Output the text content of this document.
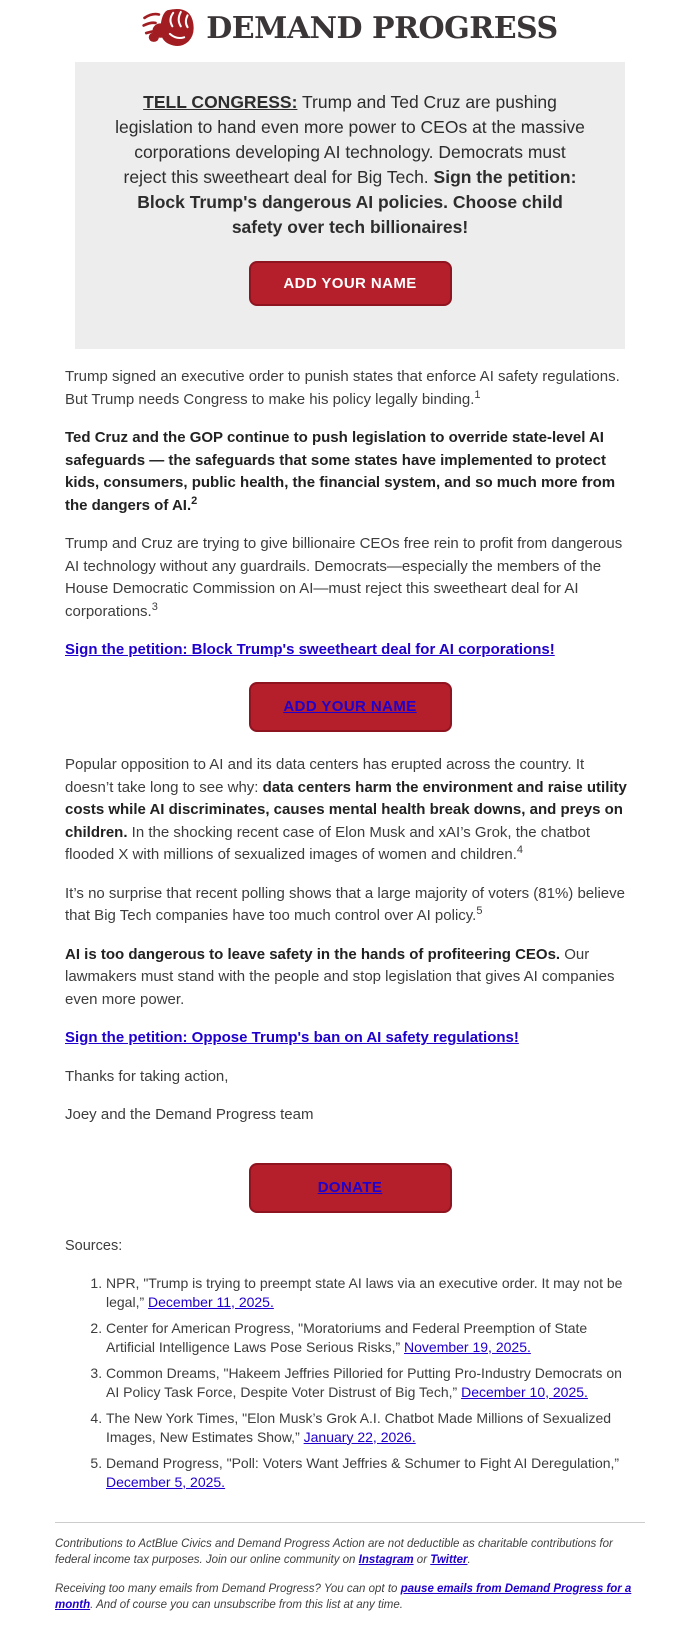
DEMAND PROGRESS
TELL CONGRESS: Trump and Ted Cruz are pushing legislation to hand even more power to CEOs at the massive corporations developing AI technology. Democrats must reject this sweetheart deal for Big Tech. Sign the petition: Block Trump's dangerous AI policies. Choose child safety over tech billionaires!
ADD YOUR NAME

Trump signed an executive order to punish states that enforce AI safety regulations. But Trump needs Congress to make his policy legally binding.$^1$

Ted Cruz and the GOP continue to push legislation to override state-level AI safeguards — the safeguards that some states have implemented to protect kids, consumers, public health, the financial system, and so much more from the dangers of AI.$^2$

Trump and Cruz are trying to give billionaire CEOs free rein to profit from dangerous AI technology without any guardrails. Democrats—especially the members of the House Democratic Commission on AI—must reject this sweetheart deal for AI corporations.$^3$

Sign the petition: Block Trump's sweetheart deal for AI corporations!

ADD YOUR NAME

Popular opposition to AI and its data centers has erupted across the country. It doesn’t take long to see why: data centers harm the environment and raise utility costs while AI discriminates, causes mental health break downs, and preys on children. In the shocking recent case of Elon Musk and xAI’s Grok, the chatbot flooded X with millions of sexualized images of women and children.$^4$

It’s no surprise that recent polling shows that a large majority of voters (81%) believe that Big Tech companies have too much control over AI policy.$^5$

AI is too dangerous to leave safety in the hands of profiteering CEOs. Our lawmakers must stand with the people and stop legislation that gives AI companies even more power.

Sign the petition: Oppose Trump's ban on AI safety regulations!

Thanks for taking action,

Joey and the Demand Progress team

DONATE

Sources:

1. NPR, "Trump is trying to preempt state AI laws via an executive order. It may not be legal,” December 11, 2025.
2. Center for American Progress, "Moratoriums and Federal Preemption of State Artificial Intelligence Laws Pose Serious Risks,” November 19, 2025.
3. Common Dreams, "Hakeem Jeffries Pilloried for Putting Pro-Industry Democrats on AI Policy Task Force, Despite Voter Distrust of Big Tech,” December 10, 2025.
4. The New York Times, "Elon Musk’s Grok A.I. Chatbot Made Millions of Sexualized Images, New Estimates Show,” January 22, 2026.
5. Demand Progress, "Poll: Voters Want Jeffries & Schumer to Fight AI Deregulation,” December 5, 2025.

Contributions to ActBlue Civics and Demand Progress Action are not deductible as charitable contributions for federal income tax purposes. Join our online community on Instagram or Twitter.

Receiving too many emails from Demand Progress? You can opt to pause emails from Demand Progress for a month. And of course you can unsubscribe from this list at any time.
